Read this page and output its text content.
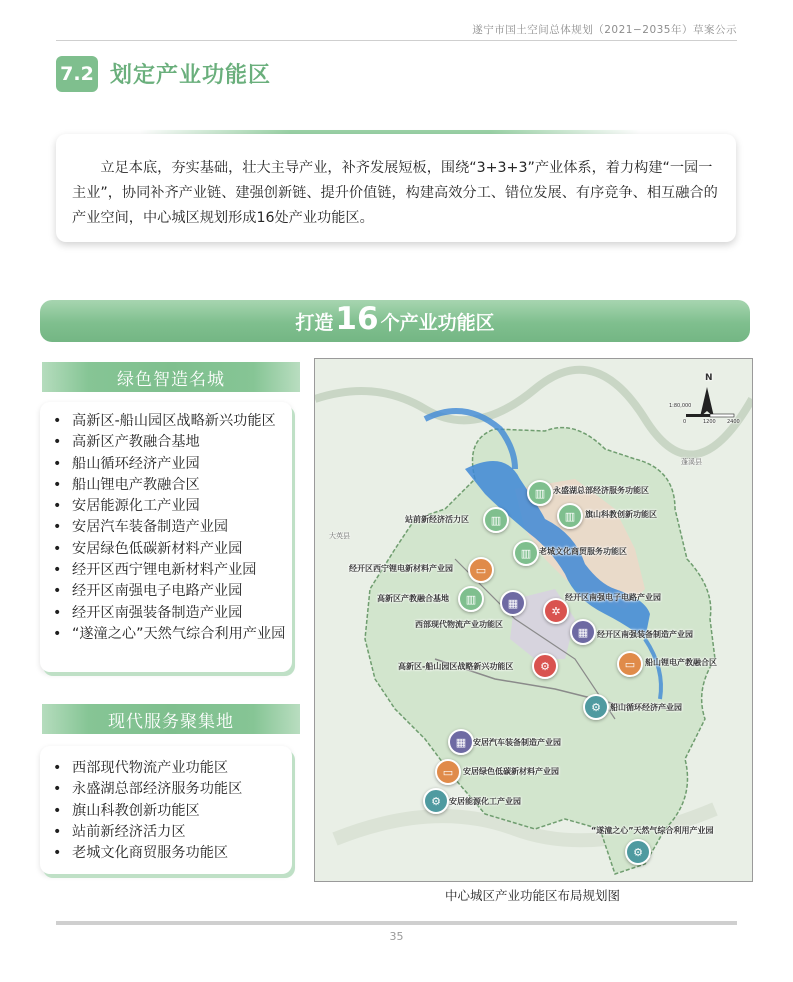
遂宁市国土空间总体规划（2021−2035年）草案公示
7.2 划定产业功能区
立足本底，夯实基础，壮大主导产业，补齐发展短板，围绕“3+3+3”产业体系，着力构建“一园一主业”，协同补齐产业链、建强创新链、提升价值链，构建高效分工、错位发展、有序竞争、相互融合的产业空间，中心城区规划形成16处产业功能区。
打造 16 个产业功能区
绿色智造名城
• 高新区-船山园区战略新兴功能区
• 高新区产教融合基地
• 船山循环经济产业园
• 船山锂电产教融合区
• 安居能源化工产业园
• 安居汽车装备制造产业园
• 安居绿色低碳新材料产业园
• 经开区西宁锂电新材料产业园
• 经开区南强电子电路产业园
• 经开区南强装备制造产业园
• “遂潼之心”天然气综合利用产业园
现代服务聚集地
• 西部现代物流产业功能区
• 永盛湖总部经济服务功能区
• 旗山科教创新功能区
• 站前新经济活力区
• 老城文化商贸服务功能区
N
1:80,000
0	1200 2400
大英县
蓬溪县
▥ 永盛湖总部经济服务功能区
▥
站前新经济活力区	▥	旗山科教创新功能区
▥ 老城文化商贸服务功能区
▭
经开区西宁锂电新材料产业园
▥
高新区产教融合基地	▦
✲
经开区南强电子电路产业园
西部现代物流产业功能区
▦	经开区南强装备制造产业园
⚙
高新区-船山园区战略新兴功能区	▭	船山锂电产教融合区
⚙	船山循环经济产业园
▦ 安居汽车装备制造产业园
▭	安居绿色低碳新材料产业园
⚙	安居能源化工产业园
“遂潼之心”天然气综合利用产业园
⚙
中心城区产业功能区布局规划图
35
